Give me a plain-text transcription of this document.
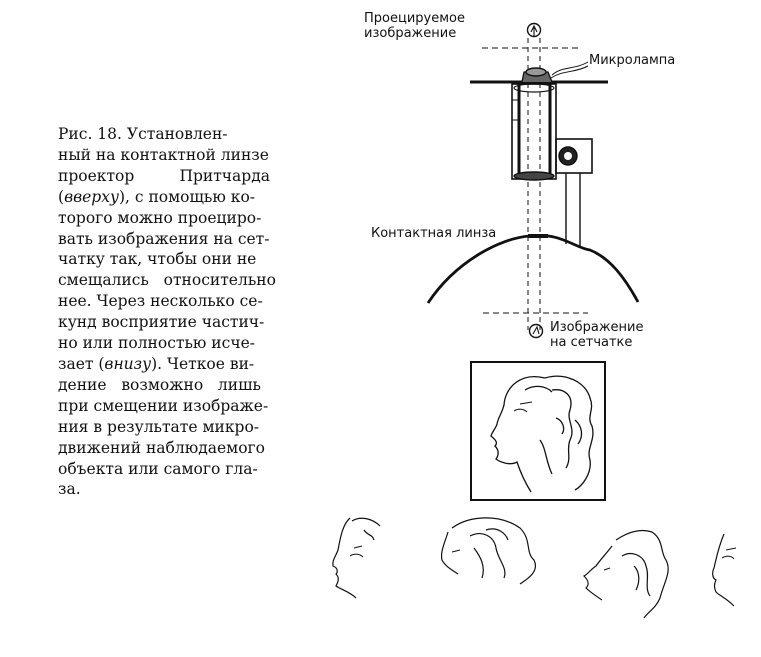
Рис. 18. Установлен-
ный на контактной линзе
проектор	Притчарда
(вверху), с помощью ко-
торого можно проециро-
вать изображения на сет-
чатку так, чтобы они не
смещались   относительно
нее. Через несколько се-
кунд восприятие частич-
но или полностью исче-
зает (внизу). Четкое ви-
дение   возможно   лишь
при смещении изображе-
ния в результате микро-
движений наблюдаемого
объекта или самого гла-
за.
Проецируемое
изображение
Микролампа
Контактная линза
Изображение
на сетчатке
